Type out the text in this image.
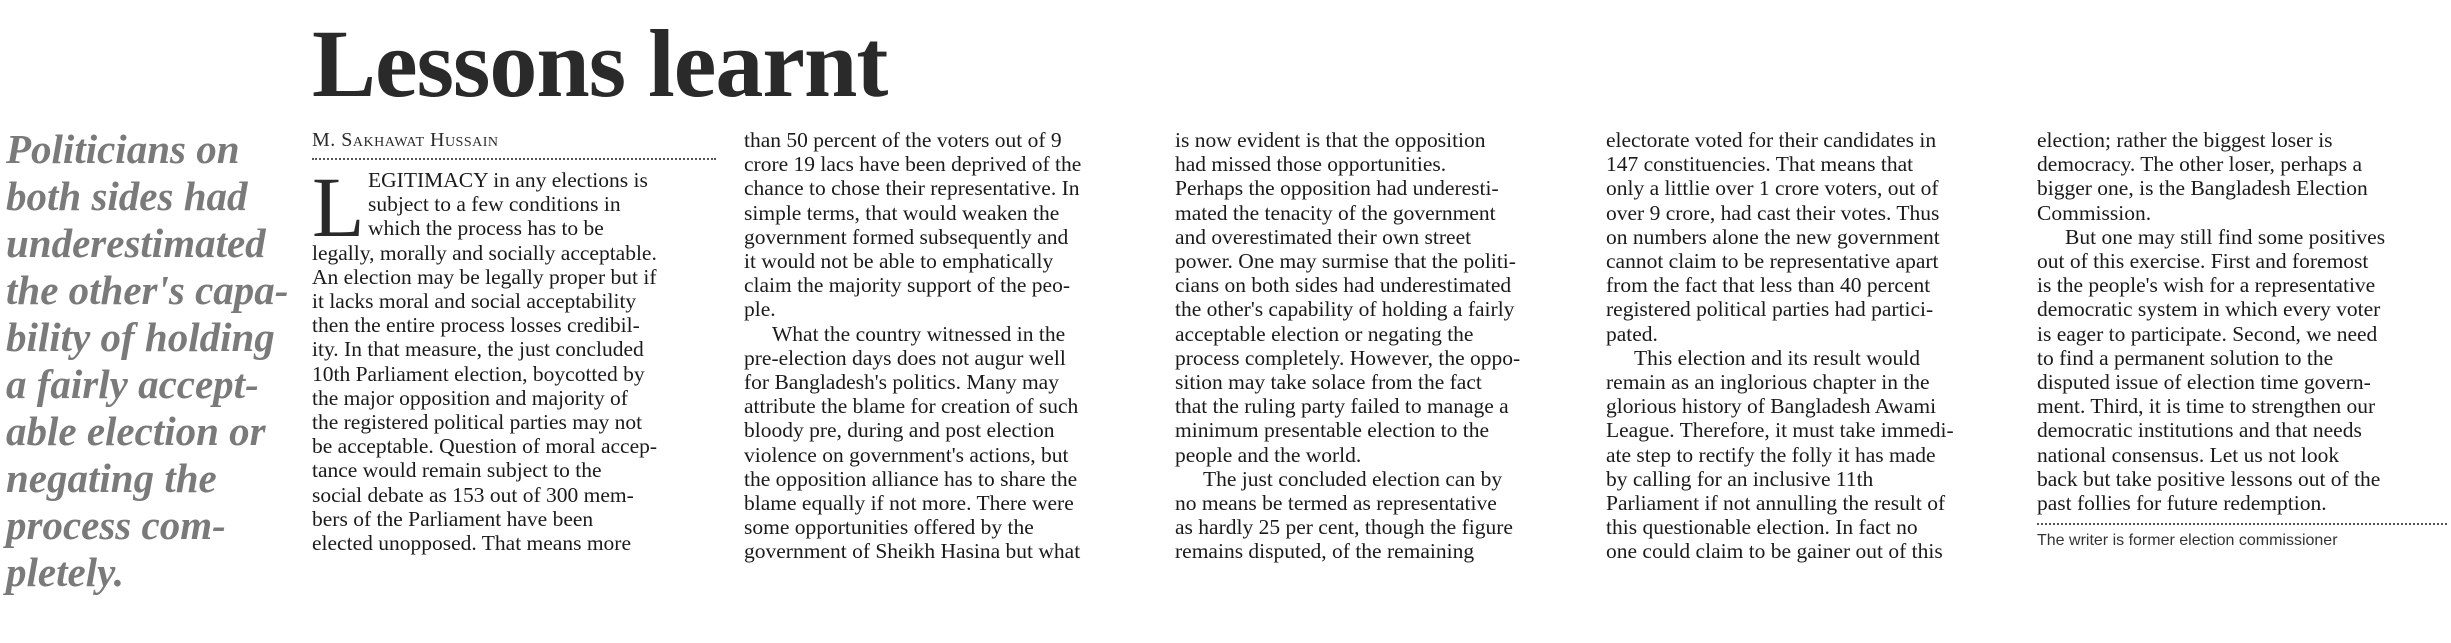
Lessons learnt
Politicians on
both sides had
underestimated
the other's capa-
bility of holding
a fairly accept-
able election or
negating the
process com-
pletely.
M. Sakhawat Hussain
L EGITIMACY in any elections is
subject to a few conditions in
which the process has to be
legally, morally and socially acceptable.
An election may be legally proper but if
it lacks moral and social acceptability
then the entire process losses credibil-
ity. In that measure, the just concluded
10th Parliament election, boycotted by
the major opposition and majority of
the registered political parties may not
be acceptable. Question of moral accep-
tance would remain subject to the
social debate as 153 out of 300 mem-
bers of the Parliament have been
elected unopposed. That means more
than 50 percent of the voters out of 9
crore 19 lacs have been deprived of the
chance to chose their representative. In
simple terms, that would weaken the
government formed subsequently and
it would not be able to emphatically
claim the majority support of the peo-
ple.
What the country witnessed in the
pre-election days does not augur well
for Bangladesh's politics. Many may
attribute the blame for creation of such
bloody pre, during and post election
violence on government's actions, but
the opposition alliance has to share the
blame equally if not more. There were
some opportunities offered by the
government of Sheikh Hasina but what
is now evident is that the opposition
had missed those opportunities.
Perhaps the opposition had underesti-
mated the tenacity of the government
and overestimated their own street
power. One may surmise that the politi-
cians on both sides had underestimated
the other's capability of holding a fairly
acceptable election or negating the
process completely. However, the oppo-
sition may take solace from the fact
that the ruling party failed to manage a
minimum presentable election to the
people and the world.
The just concluded election can by
no means be termed as representative
as hardly 25 per cent, though the figure
remains disputed, of the remaining
electorate voted for their candidates in
147 constituencies. That means that
only a littlie over 1 crore voters, out of
over 9 crore, had cast their votes. Thus
on numbers alone the new government
cannot claim to be representative apart
from the fact that less than 40 percent
registered political parties had partici-
pated.
This election and its result would
remain as an inglorious chapter in the
glorious history of Bangladesh Awami
League. Therefore, it must take immedi-
ate step to rectify the folly it has made
by calling for an inclusive 11th
Parliament if not annulling the result of
this questionable election. In fact no
one could claim to be gainer out of this
election; rather the biggest loser is
democracy. The other loser, perhaps a
bigger one, is the Bangladesh Election
Commission.
But one may still find some positives
out of this exercise. First and foremost
is the people's wish for a representative
democratic system in which every voter
is eager to participate. Second, we need
to find a permanent solution to the
disputed issue of election time govern-
ment. Third, it is time to strengthen our
democratic institutions and that needs
national consensus. Let us not look
back but take positive lessons out of the
past follies for future redemption.
The writer is former election commissioner
